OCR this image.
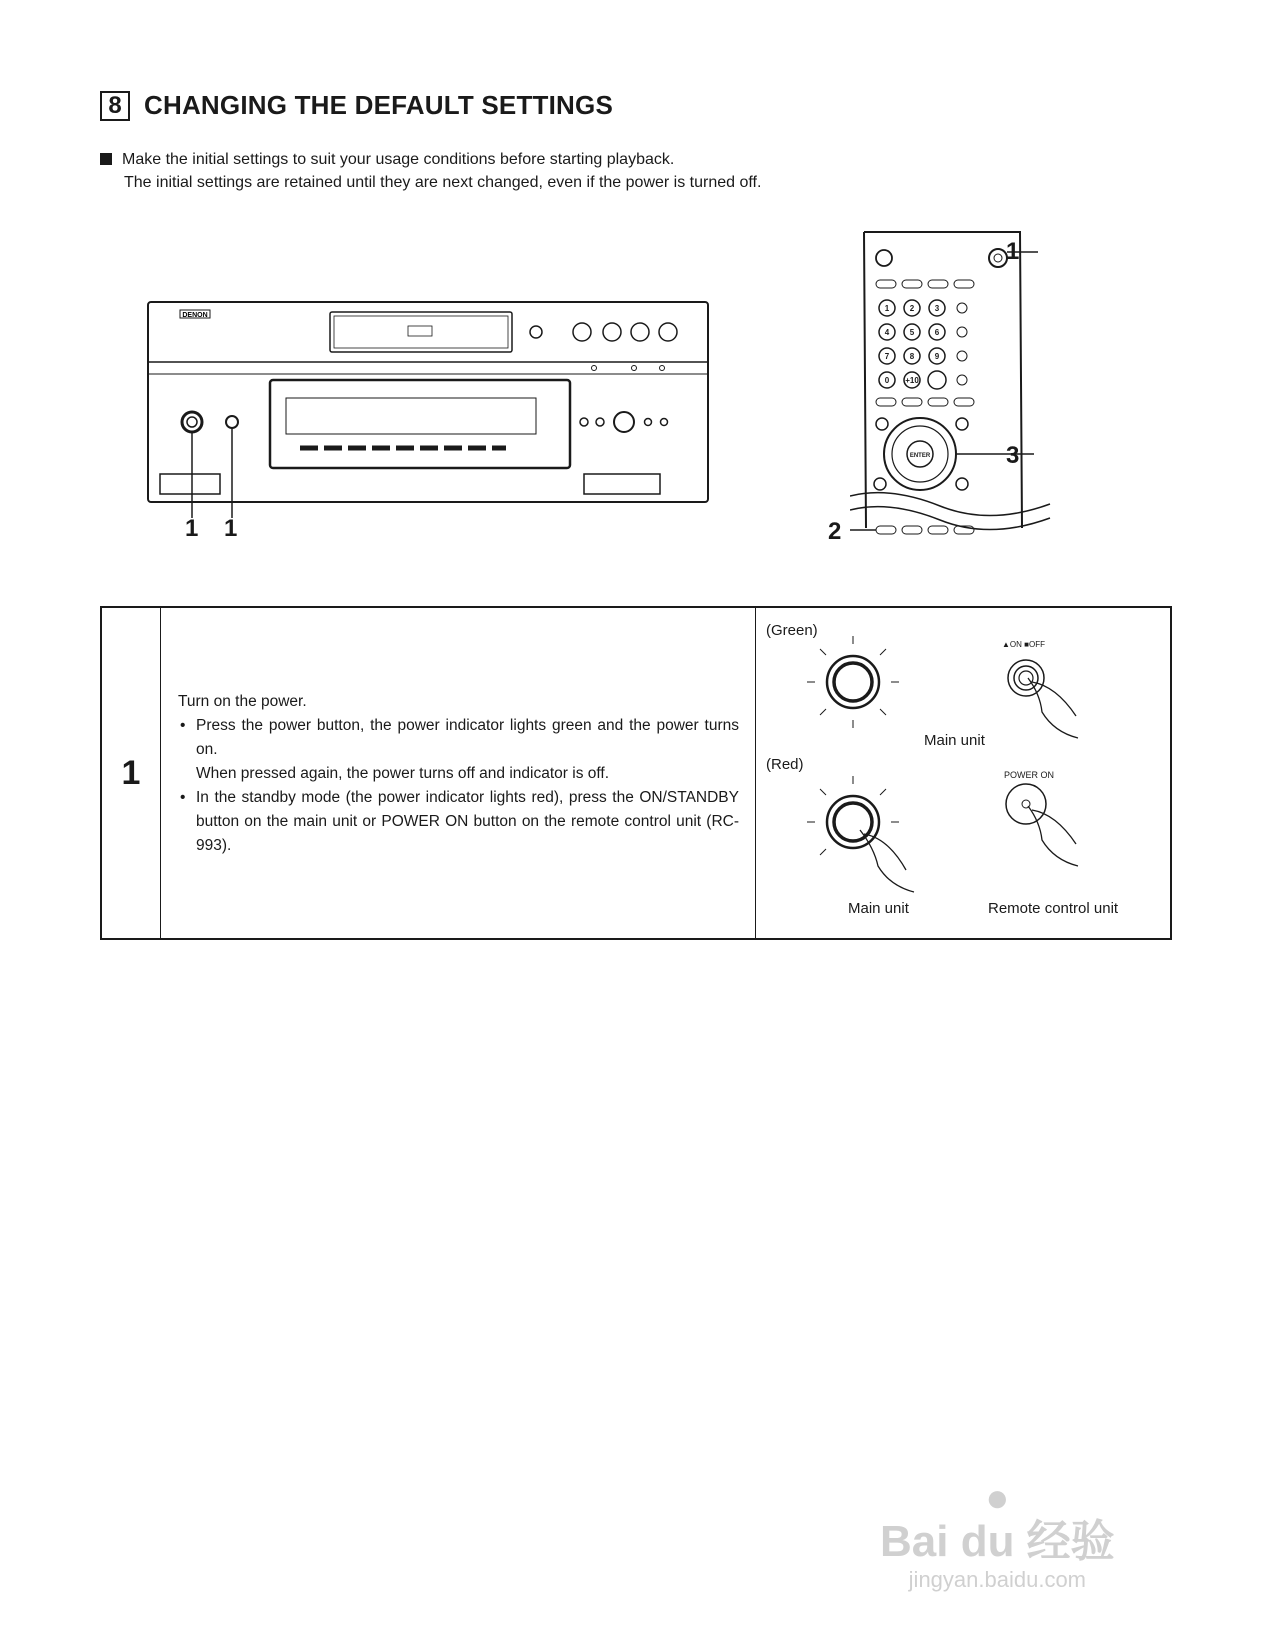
8 CHANGING THE DEFAULT SETTINGS
Make the initial settings to suit your usage conditions before starting playback.
The initial settings are retained until they are next changed, even if the power is turned off.
DENON
1 1
1	2	3
4	5	6
7	8	9
0 +10
ENTER
1
3
2
1
Turn on the power.
• Press the power button, the power indicator lights green and the power turns on.
When pressed again, the power turns off and indicator is off.
• In the standby mode (the power indicator lights red), press the ON/STANDBY button on the main unit or POWER ON button on the remote control unit (RC-993).
(Green)
(Red)
▲ON ■OFF
Main unit
POWER ON
Main unit	Remote control unit
●
Bai du 经验
jingyan.baidu.com
